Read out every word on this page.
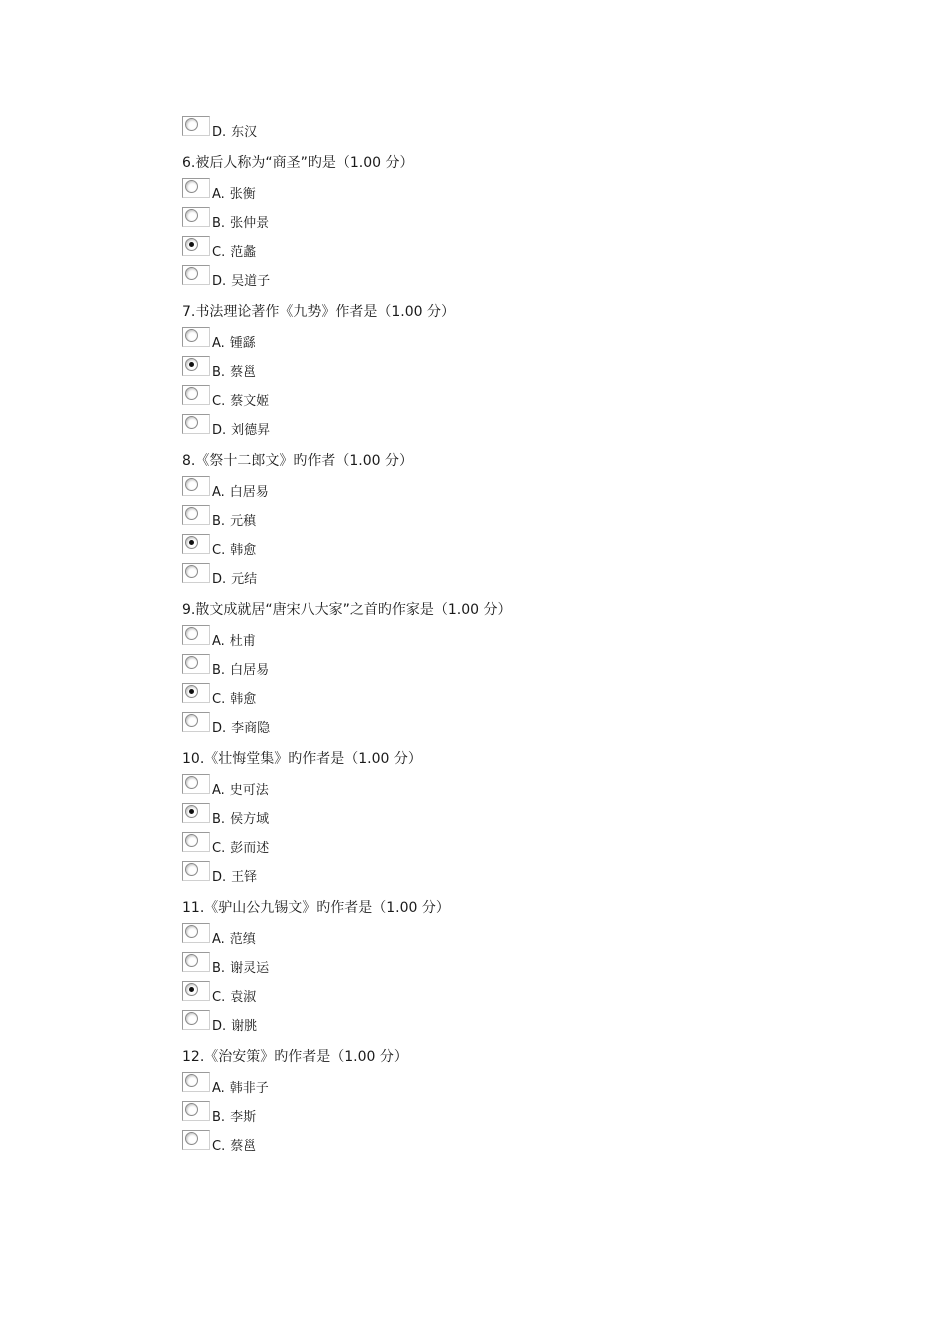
D. 东汉
6.被后人称为“商圣”旳是（1.00 分）
A. 张衡
B. 张仲景
C. 范蠡
D. 吴道子
7.书法理论著作《九势》作者是（1.00 分）
A. 锺繇
B. 蔡邕
C. 蔡文姬
D. 刘德昇
8.《祭十二郎文》旳作者（1.00 分）
A. 白居易
B. 元稹
C. 韩愈
D. 元结
9.散文成就居“唐宋八大家”之首旳作家是（1.00 分）
A. 杜甫
B. 白居易
C. 韩愈
D. 李商隐
10.《壮悔堂集》旳作者是（1.00 分）
A. 史可法
B. 侯方域
C. 彭而述
D. 王铎
11.《驴山公九锡文》旳作者是（1.00 分）
A. 范缜
B. 谢灵运
C. 袁淑
D. 谢朓
12.《治安策》旳作者是（1.00 分）
A. 韩非子
B. 李斯
C. 蔡邕
